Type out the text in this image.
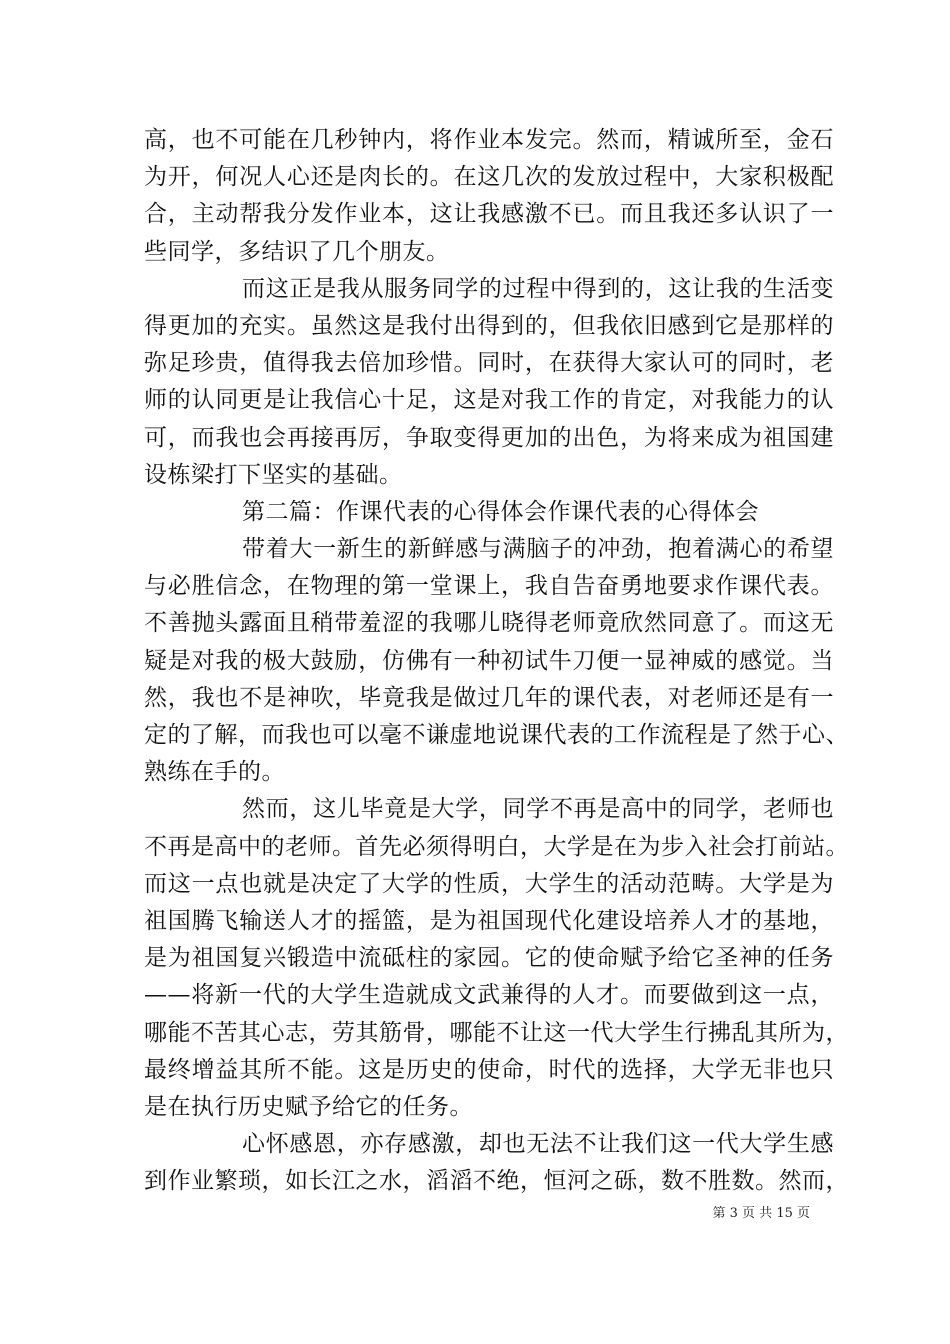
高，也不可能在几秒钟内，将作业本发完。然而，精诚所至，金石
为开，何况人心还是肉长的。在这几次的发放过程中，大家积极配
合，主动帮我分发作业本，这让我感激不已。而且我还多认识了一
些同学，多结识了几个朋友。
而这正是我从服务同学的过程中得到的，这让我的生活变
得更加的充实。虽然这是我付出得到的，但我依旧感到它是那样的
弥足珍贵，值得我去倍加珍惜。同时，在获得大家认可的同时，老
师的认同更是让我信心十足，这是对我工作的肯定，对我能力的认
可，而我也会再接再厉，争取变得更加的出色，为将来成为祖国建
设栋梁打下坚实的基础。
第二篇：作课代表的心得体会作课代表的心得体会
带着大一新生的新鲜感与满脑子的冲劲，抱着满心的希望
与必胜信念，在物理的第一堂课上，我自告奋勇地要求作课代表。
不善抛头露面且稍带羞涩的我哪儿晓得老师竟欣然同意了。而这无
疑是对我的极大鼓励，仿佛有一种初试牛刀便一显神威的感觉。当
然，我也不是神吹，毕竟我是做过几年的课代表，对老师还是有一
定的了解，而我也可以毫不谦虚地说课代表的工作流程是了然于心、
熟练在手的。
然而，这儿毕竟是大学，同学不再是高中的同学，老师也
不再是高中的老师。首先必须得明白，大学是在为步入社会打前站。
而这一点也就是决定了大学的性质，大学生的活动范畴。大学是为
祖国腾飞输送人才的摇篮，是为祖国现代化建设培养人才的基地，
是为祖国复兴锻造中流砥柱的家园。它的使命赋予给它圣神的任务
——将新一代的大学生造就成文武兼得的人才。而要做到这一点，
哪能不苦其心志，劳其筋骨，哪能不让这一代大学生行拂乱其所为，
最终增益其所不能。这是历史的使命，时代的选择，大学无非也只
是在执行历史赋予给它的任务。
心怀感恩，亦存感激，却也无法不让我们这一代大学生感
到作业繁琐，如长江之水，滔滔不绝，恒河之砾，数不胜数。然而，
第 3 页 共 15 页
